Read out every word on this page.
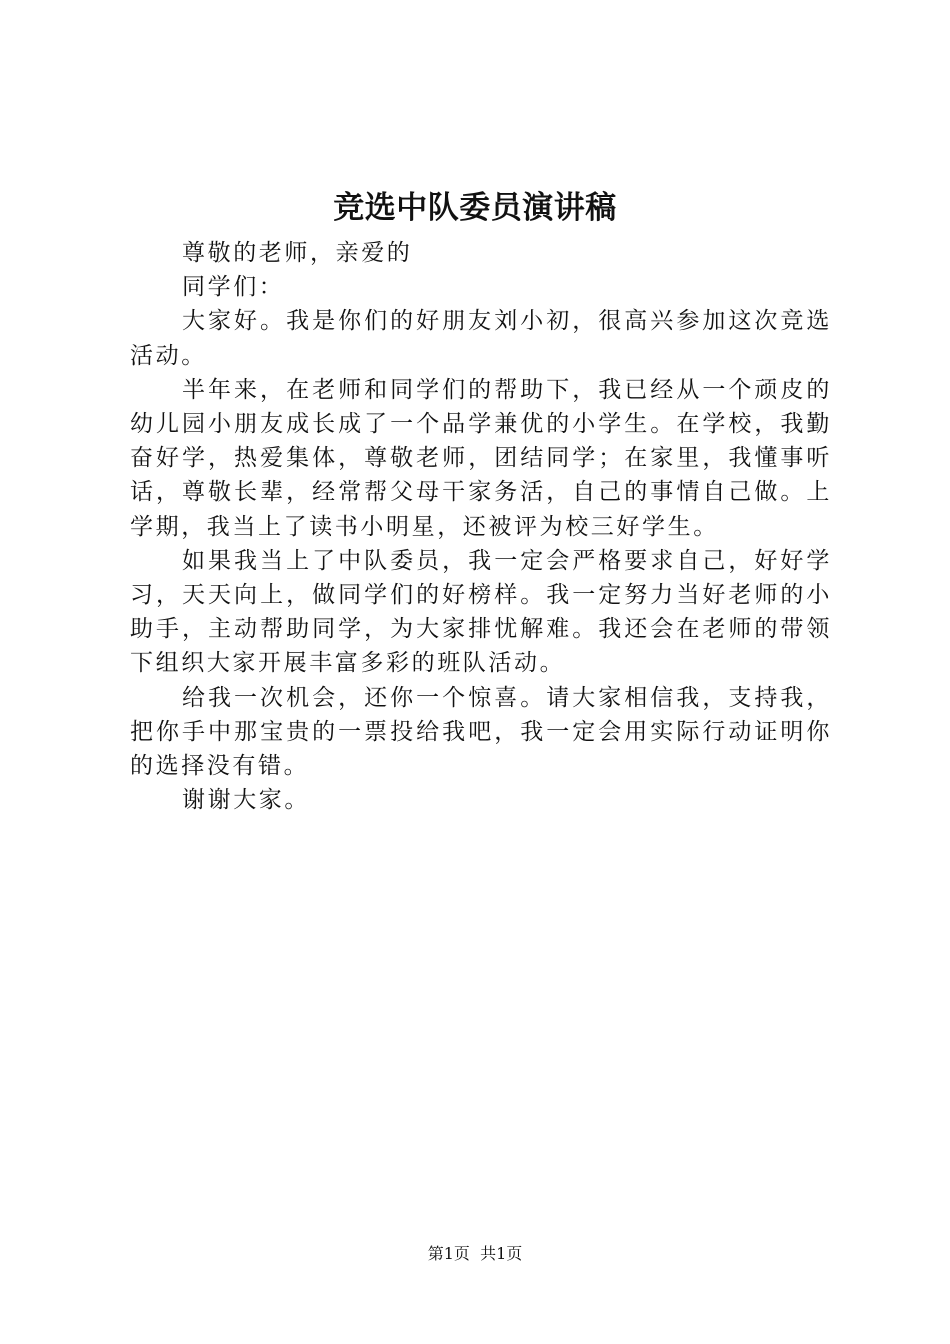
竞选中队委员演讲稿

尊敬的老师，亲爱的

同学们：

大家好。我是你们的好朋友刘小初，很高兴参加这次竞选活动。

半年来，在老师和同学们的帮助下，我已经从一个顽皮的幼儿园小朋友成长成了一个品学兼优的小学生。在学校，我勤奋好学，热爱集体，尊敬老师，团结同学；在家里，我懂事听话，尊敬长辈，经常帮父母干家务活，自己的事情自己做。上学期，我当上了读书小明星，还被评为校三好学生。

如果我当上了中队委员，我一定会严格要求自己，好好学习，天天向上，做同学们的好榜样。我一定努力当好老师的小助手，主动帮助同学，为大家排忧解难。我还会在老师的带领下组织大家开展丰富多彩的班队活动。

给我一次机会，还你一个惊喜。请大家相信我，支持我，把你手中那宝贵的一票投给我吧，我一定会用实际行动证明你的选择没有错。

谢谢大家。

第1页 共1页
